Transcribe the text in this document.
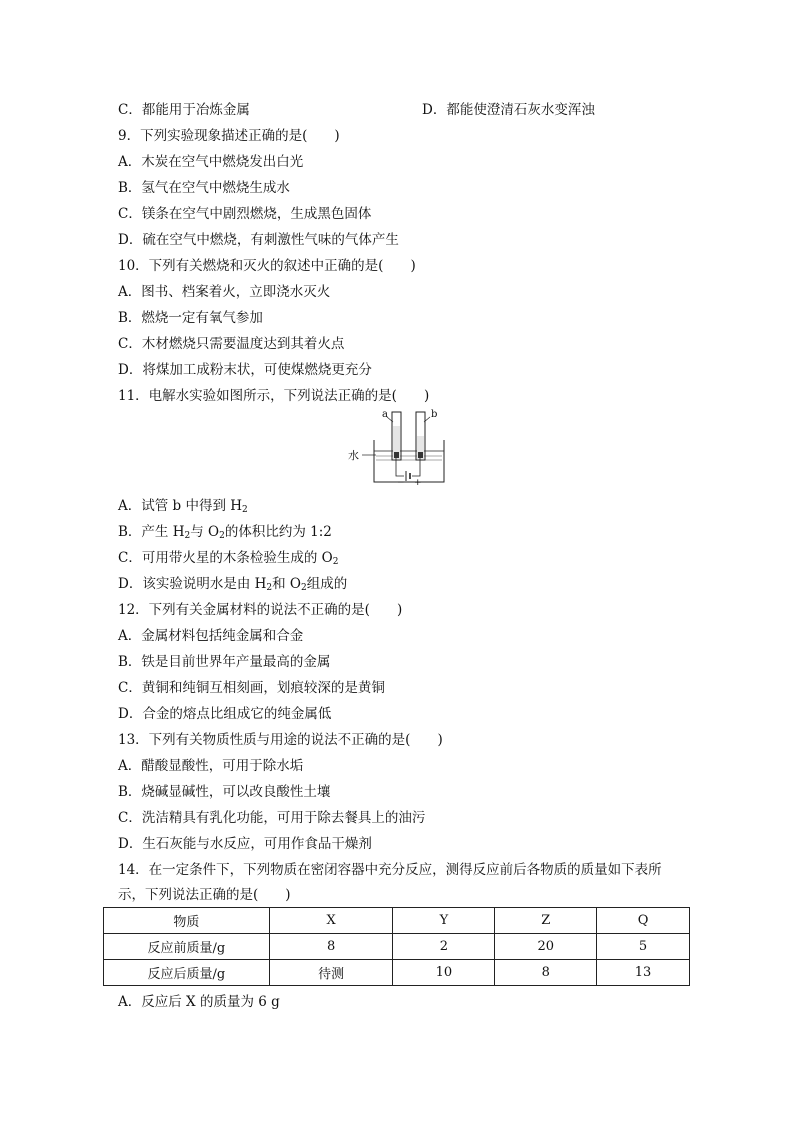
C．都能用于冶炼金属	D．都能使澄清石灰水变浑浊
9．下列实验现象描述正确的是(　　)
A．木炭在空气中燃烧发出白光
B．氢气在空气中燃烧生成水
C．镁条在空气中剧烈燃烧，生成黑色固体
D．硫在空气中燃烧，有刺激性气味的气体产生
10．下列有关燃烧和灭火的叙述中正确的是(　　)
A．图书、档案着火，立即浇水灭火
B．燃烧一定有氧气参加
C．木材燃烧只需要温度达到其着火点
D．将煤加工成粉末状，可使煤燃烧更充分
11．电解水实验如图所示，下列说法正确的是(　　)
a	b
水
− +
A．试管 b 中得到 $H_2$
B．产生 $H_2$与 $O_2$的体积比约为 1:2
C．可用带火星的木条检验生成的 $O_2$
D．该实验说明水是由 $H_2$和 $O_2$组成的
12．下列有关金属材料的说法不正确的是(　　)
A．金属材料包括纯金属和合金
B．铁是目前世界年产量最高的金属
C．黄铜和纯铜互相刻画，划痕较深的是黄铜
D．合金的熔点比组成它的纯金属低
13．下列有关物质性质与用途的说法不正确的是(　　)
A．醋酸显酸性，可用于除水垢
B．烧碱显碱性，可以改良酸性土壤
C．洗洁精具有乳化功能，可用于除去餐具上的油污
D．生石灰能与水反应，可用作食品干燥剂
14．在一定条件下，下列物质在密闭容器中充分反应，测得反应前后各物质的质量如下表所
示，下列说法正确的是(　　)
物质	X	Y	Z	Q
反应前质量/g	8	2	20	5
反应后质量/g	待测	10	8	13
A．反应后 X 的质量为 6 g
